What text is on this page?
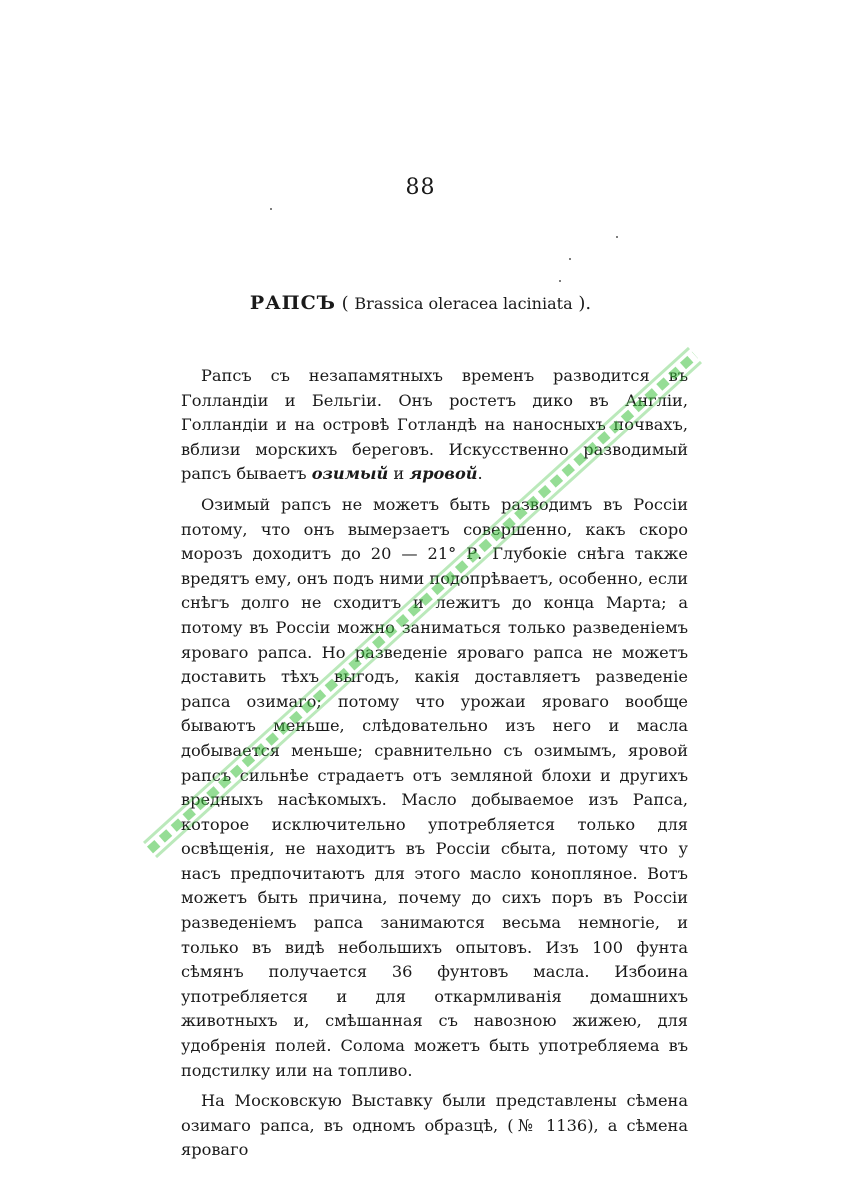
88
РАПСЪ ( Brassica oleracea laciniata ).

Рапсъ съ незапамятныхъ временъ разводится въ Голландіи и Бельгіи. Онъ ростетъ дико въ Англіи, Голландіи и на островѣ Готландѣ на наносныхъ почвахъ, вблизи морскихъ береговъ. Искусственно разводимый рапсъ бываетъ озимый и яровой.

Озимый рапсъ не можетъ быть разводимъ въ Россіи потому, что онъ вымерзаетъ совершенно, какъ скоро морозъ доходитъ до 20 — 21° Р. Глубокіе снѣга также вредятъ ему, онъ подъ ними подопрѣваетъ, особенно, если снѣгъ долго не сходитъ и лежитъ до конца Марта; а потому въ Россіи можно заниматься только разведеніемъ яроваго рапса. Но разведеніе яроваго рапса не можетъ доставить тѣхъ выгодъ, какія доставляетъ разведеніе рапса озимаго; потому что урожаи яроваго вообще бываютъ меньше, слѣдовательно изъ него и масла добывается меньше; сравнительно съ озимымъ, яровой рапсъ сильнѣе страдаетъ отъ земляной блохи и другихъ вредныхъ насѣкомыхъ. Масло добываемое изъ Рапса, которое исключительно употребляется только для освѣщенія, не находитъ въ Россіи сбыта, потому что у насъ предпочитаютъ для этого масло конопляное. Вотъ можетъ быть причина, почему до сихъ поръ въ Россіи разведеніемъ рапса занимаются весьма немногіе, и только въ видѣ небольшихъ опытовъ. Изъ 100 фунта сѣмянъ получается 36 фунтовъ масла. Избоина употребляется и для откармливанія домашнихъ животныхъ и, смѣшанная съ навозною жижею, для удобренія полей. Солома можетъ быть употребляема въ подстилку или на топливо.

На Московскую Выставку были представлены сѣмена озимаго рапса, въ одномъ образцѣ, (№ 1136), а сѣмена яроваго
